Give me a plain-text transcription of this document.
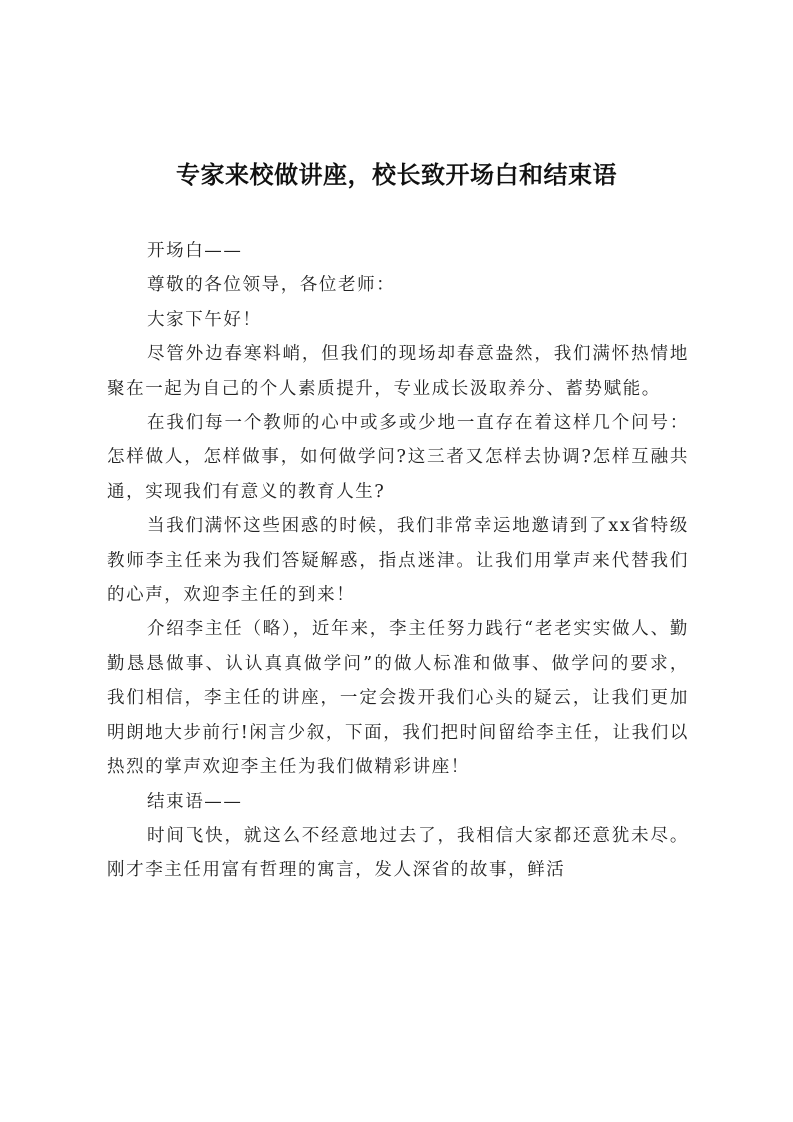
专家来校做讲座，校长致开场白和结束语

开场白——

尊敬的各位领导，各位老师：

大家下午好！

尽管外边春寒料峭，但我们的现场却春意盎然，我们满怀热情地聚在一起为自己的个人素质提升，专业成长汲取养分、蓄势赋能。

在我们每一个教师的心中或多或少地一直存在着这样几个问号：怎样做人，怎样做事，如何做学问?这三者又怎样去协调?怎样互融共通，实现我们有意义的教育人生?

当我们满怀这些困惑的时候，我们非常幸运地邀请到了xx省特级教师李主任来为我们答疑解惑，指点迷津。让我们用掌声来代替我们的心声，欢迎李主任的到来！

介绍李主任（略），近年来，李主任努力践行“老老实实做人、勤勤恳恳做事、认认真真做学问”的做人标准和做事、做学问的要求，我们相信，李主任的讲座，一定会拨开我们心头的疑云，让我们更加明朗地大步前行!闲言少叙，下面，我们把时间留给李主任，让我们以热烈的掌声欢迎李主任为我们做精彩讲座！

结束语——

时间飞快，就这么不经意地过去了，我相信大家都还意犹未尽。刚才李主任用富有哲理的寓言，发人深省的故事，鲜活
